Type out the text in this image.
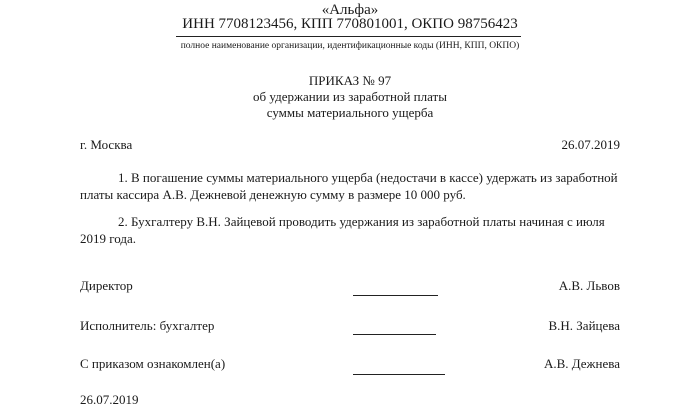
«Альфа»
ИНН 7708123456, КПП 770801001, ОКПО 98756423
полное наименование организации, идентификационные коды (ИНН, КПП, ОКПО)
ПРИКАЗ № 97
об удержании из заработной платы
суммы материального ущерба
г. Москва	26.07.2019
1. В погашение суммы материального ущерба (недостачи в кассе) удержать из заработной платы кассира А.В. Дежневой денежную сумму в размере 10 000 руб.
2. Бухгалтеру В.Н. Зайцевой проводить удержания из заработной платы начиная с июля 2019 года.
Директор	А.В. Львов
Исполнитель: бухгалтер	В.Н. Зайцева
С приказом ознакомлен(а)	А.В. Дежнева
26.07.2019
